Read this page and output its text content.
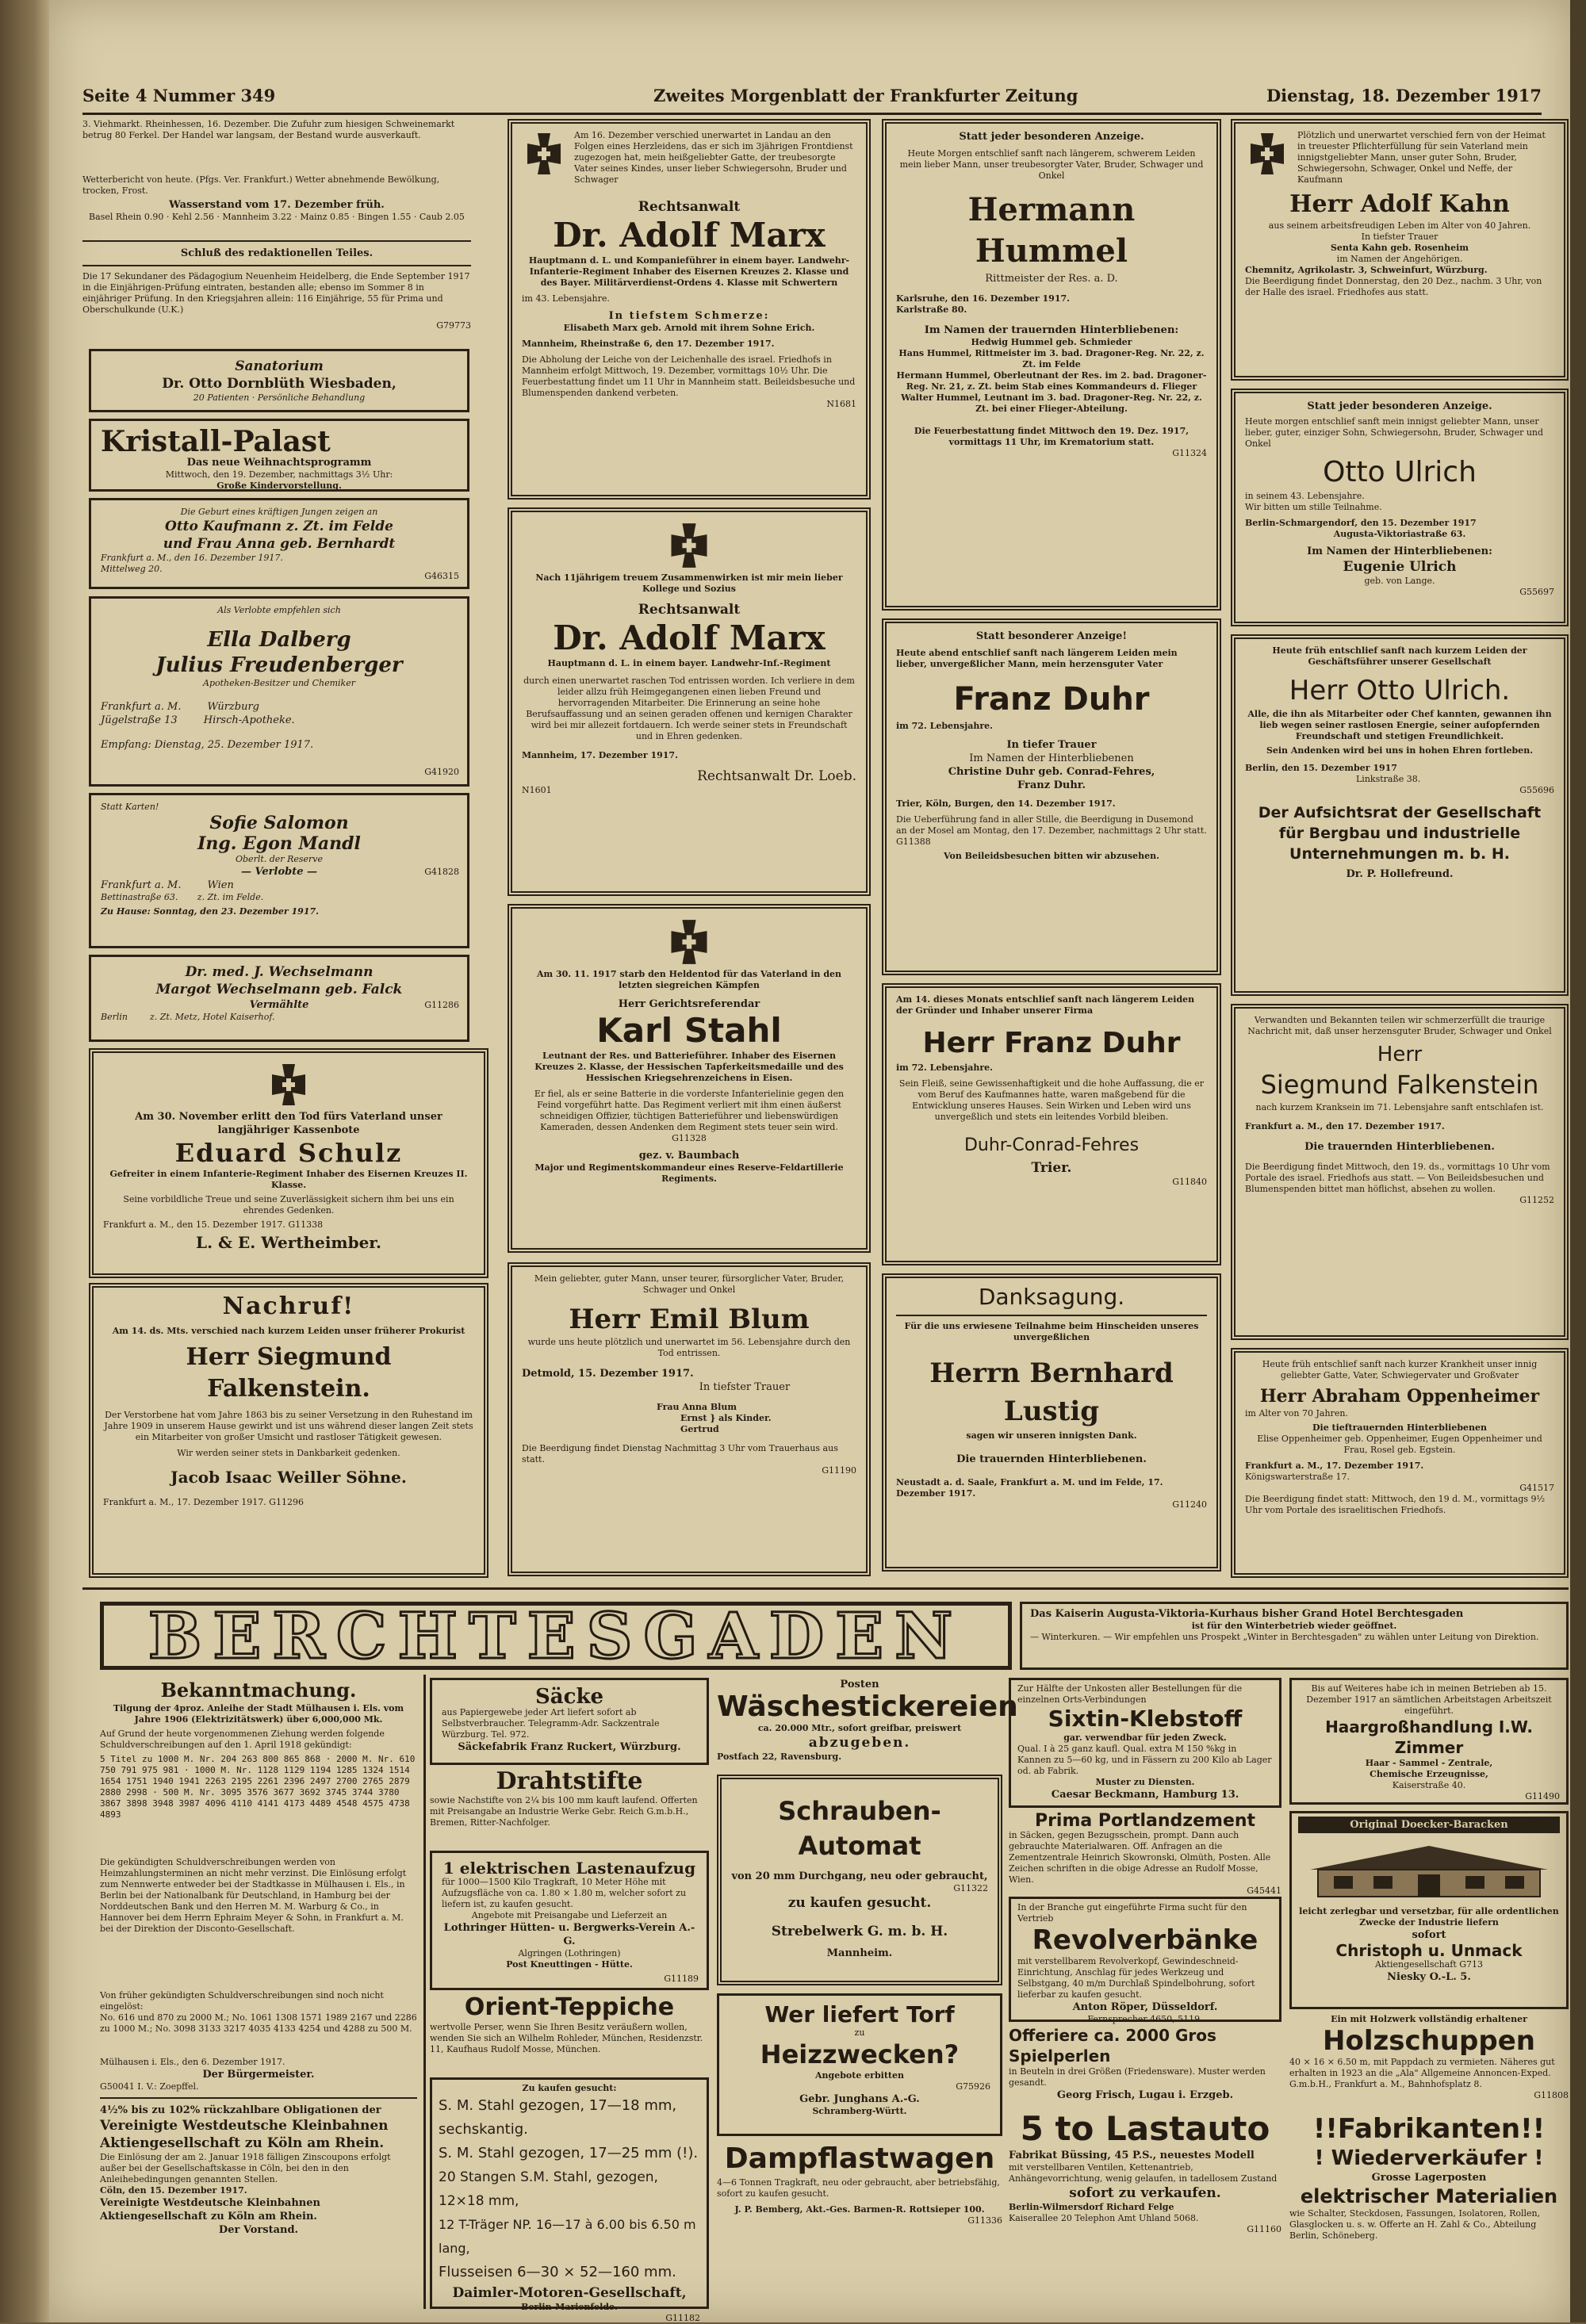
Seite 4 Nummer 349	Zweites Morgenblatt der Frankfurter Zeitung	Dienstag, 18. Dezember 1917
3. Viehmarkt. Rheinhessen, 16. Dezember. Die Zufuhr zum hiesigen Schweinemarkt betrug 80 Ferkel. Der Handel war langsam, der Bestand wurde ausverkauft.
Wetterbericht von heute. (Pfgs. Ver. Frankfurt.) Wetter abnehmende Bewölkung, trocken, Frost.
Wasserstand vom 17. Dezember früh.
Basel Rhein 0.90 · Kehl 2.56 · Mannheim 3.22 · Mainz 0.85 · Bingen 1.55 · Caub 2.05
Schluß des redaktionellen Teiles.
Die 17 Sekundaner des Pädagogium Neuenheim Heidelberg, die Ende September 1917 in die Einjährigen-Prüfung eintraten, bestanden alle; ebenso im Sommer 8 in einjähriger Prüfung. In den Kriegsjahren allein: 116 Einjährige, 55 für Prima und Oberschulkunde (U.K.)
G79773
Sanatorium
Dr. Otto Dornblüth Wiesbaden,
20 Patienten · Persönliche Behandlung
Kristall-Palast
Das neue Weihnachtsprogramm
Mittwoch, den 19. Dezember, nachmittags 3½ Uhr:
Große Kindervorstellung.
Die Geburt eines kräftigen Jungen zeigen an
Otto Kaufmann z. Zt. im Felde
und Frau Anna geb. Bernhardt
Frankfurt a. M., den 16. Dezember 1917.
Mittelweg 20.
G46315
Als Verlobte empfehlen sich
Ella Dalberg
Julius Freudenberger
Apotheken-Besitzer und Chemiker
Frankfurt a. M.        Würzburg
Jügelstraße 13        Hirsch-Apotheke.
Empfang: Dienstag, 25. Dezember 1917.
G41920
Statt Karten!
Sofie Salomon
Ing. Egon Mandl
Oberlt. der Reserve
— Verlobte —
Frankfurt a. M.        Wien
Bettinastraße 63.       z. Zt. im Felde.
Zu Hause: Sonntag, den 23. Dezember 1917.
G41828
Dr. med. J. Wechselmann
Margot Wechselmann geb. Falck
Vermählte
Berlin        z. Zt. Metz, Hotel Kaiserhof.
G11286
Am 30. November erlitt den Tod fürs Vaterland unser langjähriger Kassenbote
Eduard Schulz
Gefreiter in einem Infanterie-Regiment Inhaber des Eisernen Kreuzes II. Klasse.
Seine vorbildliche Treue und seine Zuverlässigkeit sichern ihm bei uns ein ehrendes Gedenken.
Frankfurt a. M., den 15. Dezember 1917. G11338
L. & E. Wertheimber.
Nachruf!
Am 14. ds. Mts. verschied nach kurzem Leiden unser früherer Prokurist
Herr Siegmund Falkenstein.
Der Verstorbene hat vom Jahre 1863 bis zu seiner Versetzung in den Ruhestand im Jahre 1909 in unserem Hause gewirkt und ist uns während dieser langen Zeit stets ein Mitarbeiter von großer Umsicht und rastloser Tätigkeit gewesen.
Wir werden seiner stets in Dankbarkeit gedenken.
Jacob Isaac Weiller Söhne.
Frankfurt a. M., 17. Dezember 1917. G11296
Am 16. Dezember verschied unerwartet in Landau an den Folgen eines Herzleidens, das er sich im 3jährigen Frontdienst zugezogen hat, mein heißgeliebter Gatte, der treubesorgte Vater seines Kindes, unser lieber Schwiegersohn, Bruder und Schwager
Rechtsanwalt
Dr. Adolf Marx
Hauptmann d. L. und Kompanieführer in einem bayer. Landwehr-Infanterie-Regiment Inhaber des Eisernen Kreuzes 2. Klasse und des Bayer. Militärverdienst-Ordens 4. Klasse mit Schwertern
im 43. Lebensjahre.
In tiefstem Schmerze:
Elisabeth Marx geb. Arnold mit ihrem Sohne Erich.
Mannheim, Rheinstraße 6, den 17. Dezember 1917.
Die Abholung der Leiche von der Leichenhalle des israel. Friedhofs in Mannheim erfolgt Mittwoch, 19. Dezember, vormittags 10½ Uhr. Die Feuerbestattung findet um 11 Uhr in Mannheim statt. Beileidsbesuche und Blumenspenden dankend verbeten.
N1681
Nach 11jährigem treuem Zusammenwirken ist mir mein lieber Kollege und Sozius
Rechtsanwalt
Dr. Adolf Marx
Hauptmann d. L. in einem bayer. Landwehr-Inf.-Regiment
durch einen unerwartet raschen Tod entrissen worden. Ich verliere in dem leider allzu früh Heimgegangenen einen lieben Freund und hervorragenden Mitarbeiter. Die Erinnerung an seine hohe Berufsauffassung und an seinen geraden offenen und kernigen Charakter wird bei mir allezeit fortdauern. Ich werde seiner stets in Freundschaft und in Ehren gedenken.
Mannheim, 17. Dezember 1917.
Rechtsanwalt Dr. Loeb.
N1601
Am 30. 11. 1917 starb den Heldentod für das Vaterland in den letzten siegreichen Kämpfen
Herr Gerichtsreferendar
Karl Stahl
Leutnant der Res. und Batterieführer. Inhaber des Eisernen Kreuzes 2. Klasse, der Hessischen Tapferkeitsmedaille und des Hessischen Kriegsehrenzeichens in Eisen.
Er fiel, als er seine Batterie in die vorderste Infanterielinie gegen den Feind vorgeführt hatte. Das Regiment verliert mit ihm einen äußerst schneidigen Offizier, tüchtigen Batterieführer und liebenswürdigen Kameraden, dessen Andenken dem Regiment stets teuer sein wird. G11328
gez. v. Baumbach
Major und Regimentskommandeur eines Reserve-Feldartillerie Regiments.
Mein geliebter, guter Mann, unser teurer, fürsorglicher Vater, Bruder, Schwager und Onkel
Herr Emil Blum
wurde uns heute plötzlich und unerwartet im 56. Lebensjahre durch den Tod entrissen.
Detmold, 15. Dezember 1917.
In tiefster Trauer
Frau Anna Blum
Ernst } als Kinder.
Gertrud
Die Beerdigung findet Dienstag Nachmittag 3 Uhr vom Trauerhaus aus statt.
G11190
Statt jeder besonderen Anzeige.
Heute Morgen entschlief sanft nach längerem, schwerem Leiden mein lieber Mann, unser treubesorgter Vater, Bruder, Schwager und Onkel
Hermann Hummel
Rittmeister der Res. a. D.
Karlsruhe, den 16. Dezember 1917.
Karlstraße 80.
Im Namen der trauernden Hinterbliebenen:
Hedwig Hummel geb. Schmieder
Hans Hummel, Rittmeister im 3. bad. Dragoner-Reg. Nr. 22, z. Zt. im Felde
Hermann Hummel, Oberleutnant der Res. im 2. bad. Dragoner-Reg. Nr. 21, z. Zt. beim Stab eines Kommandeurs d. Flieger
Walter Hummel, Leutnant im 3. bad. Dragoner-Reg. Nr. 22, z. Zt. bei einer Flieger-Abteilung.
Die Feuerbestattung findet Mittwoch den 19. Dez. 1917, vormittags 11 Uhr, im Krematorium statt.
G11324
Statt besonderer Anzeige!
Heute abend entschlief sanft nach längerem Leiden mein lieber, unvergeßlicher Mann, mein herzensguter Vater
Franz Duhr
im 72. Lebensjahre.
In tiefer Trauer
Im Namen der Hinterbliebenen
Christine Duhr geb. Conrad-Fehres,
Franz Duhr.
Trier, Köln, Burgen, den 14. Dezember 1917.
Die Ueberführung fand in aller Stille, die Beerdigung in Dusemond an der Mosel am Montag, den 17. Dezember, nachmittags 2 Uhr statt. G11388
Von Beileidsbesuchen bitten wir abzusehen.
Am 14. dieses Monats entschlief sanft nach längerem Leiden der Gründer und Inhaber unserer Firma
Herr Franz Duhr
im 72. Lebensjahre.
Sein Fleiß, seine Gewissenhaftigkeit und die hohe Auffassung, die er vom Beruf des Kaufmannes hatte, waren maßgebend für die Entwicklung unseres Hauses. Sein Wirken und Leben wird uns unvergeßlich und stets ein leitendes Vorbild bleiben.
Duhr-Conrad-Fehres
Trier.
G11840
Danksagung.
Für die uns erwiesene Teilnahme beim Hinscheiden unseres unvergeßlichen
Herrn Bernhard Lustig
sagen wir unseren innigsten Dank.
Die trauernden Hinterbliebenen.
Neustadt a. d. Saale, Frankfurt a. M. und im Felde, 17. Dezember 1917.
G11240
Plötzlich und unerwartet verschied fern von der Heimat in treuester Pflichterfüllung für sein Vaterland mein innigstgeliebter Mann, unser guter Sohn, Bruder, Schwiegersohn, Schwager, Onkel und Neffe, der Kaufmann
Herr Adolf Kahn
aus seinem arbeitsfreudigen Leben im Alter von 40 Jahren.
In tiefster Trauer
Senta Kahn geb. Rosenheim
im Namen der Angehörigen.
Chemnitz, Agrikolastr. 3, Schweinfurt, Würzburg.
Die Beerdigung findet Donnerstag, den 20 Dez., nachm. 3 Uhr, von der Halle des israel. Friedhofes aus statt.
Statt jeder besonderen Anzeige.
Heute morgen entschlief sanft mein innigst geliebter Mann, unser lieber, guter, einziger Sohn, Schwiegersohn, Bruder, Schwager und Onkel
Otto Ulrich
in seinem 43. Lebensjahre.
Wir bitten um stille Teilnahme.
Berlin-Schmargendorf, den 15. Dezember 1917
Augusta-Viktoriastraße 63.
Im Namen der Hinterbliebenen:
Eugenie Ulrich
geb. von Lange.
G55697
Heute früh entschlief sanft nach kurzem Leiden der Geschäftsführer unserer Gesellschaft
Herr Otto Ulrich.
Alle, die ihn als Mitarbeiter oder Chef kannten, gewannen ihn lieb wegen seiner rastlosen Energie, seiner aufopfernden Freundschaft und stetigen Freundlichkeit.
Sein Andenken wird bei uns in hohen Ehren fortleben.
Berlin, den 15. Dezember 1917
Linkstraße 38.
G55696
Der Aufsichtsrat der Gesellschaft für Bergbau und industrielle Unternehmungen m. b. H.
Dr. P. Hollefreund.
Verwandten und Bekannten teilen wir schmerzerfüllt die traurige Nachricht mit, daß unser herzensguter Bruder, Schwager und Onkel
Herr
Siegmund Falkenstein
nach kurzem Kranksein im 71. Lebensjahre sanft entschlafen ist.
Frankfurt a. M., den 17. Dezember 1917.
Die trauernden Hinterbliebenen.
Die Beerdigung findet Mittwoch, den 19. ds., vormittags 10 Uhr vom Portale des israel. Friedhofs aus statt. — Von Beileidsbesuchen und Blumenspenden bittet man höflichst, absehen zu wollen.
G11252
Heute früh entschlief sanft nach kurzer Krankheit unser innig geliebter Gatte, Vater, Schwiegervater und Großvater
Herr Abraham Oppenheimer
im Alter von 70 Jahren.
Die tieftrauernden Hinterbliebenen
Elise Oppenheimer geb. Oppenheimer, Eugen Oppenheimer und Frau, Rosel geb. Egstein.
Frankfurt a. M., 17. Dezember 1917.
Königswarterstraße 17.
G41517
Die Beerdigung findet statt: Mittwoch, den 19 d. M., vormittags 9½ Uhr vom Portale des israelitischen Friedhofs.
BERCHTESGADEN	Das Kaiserin Augusta-Viktoria-Kurhaus bisher Grand Hotel Berchtesgaden
ist für den Winterbetrieb wieder geöffnet.
— Winterkuren. — Wir empfehlen uns Prospekt „Winter in Berchtesgaden" zu wählen unter Leitung von Direktion.
Bekanntmachung.
Tilgung der 4proz. Anleihe der Stadt Mülhausen i. Els. vom Jahre 1906 (Elektrizitätswerk) über 6,000,000 Mk.
Auf Grund der heute vorgenommenen Ziehung werden folgende Schuldverschreibungen auf den 1. April 1918 gekündigt:
5 Titel zu 1000 M. Nr. 204 263 800 865 868 · 2000 M. Nr. 610 750 791 975 981 · 1000 M. Nr. 1128 1129 1194 1285 1324 1514 1654 1751 1940 1941 2263 2195 2261 2396 2497 2700 2765 2879 2880 2998 · 500 M. Nr. 3095 3576 3677 3692 3745 3744 3780 3867 3898 3948 3987 4096 4110 4141 4173 4489 4548 4575 4738 4893
Die gekündigten Schuldverschreibungen werden von Heimzahlungsterminen an nicht mehr verzinst. Die Einlösung erfolgt zum Nennwerte entweder bei der Stadtkasse in Mülhausen i. Els., in Berlin bei der Nationalbank für Deutschland, in Hamburg bei der Norddeutschen Bank und den Herren M. M. Warburg & Co., in Hannover bei dem Herrn Ephraim Meyer & Sohn, in Frankfurt a. M. bei der Direktion der Disconto-Gesellschaft.
Von früher gekündigten Schuldverschreibungen sind noch nicht eingelöst:
No. 616 und 870 zu 2000 M.; No. 1061 1308 1571 1989 2167 und 2286 zu 1000 M.; No. 3098 3133 3217 4035 4133 4254 und 4288 zu 500 M.
Mülhausen i. Els., den 6. Dezember 1917.
Der Bürgermeister.
G50041 I. V.: Zoepffel.
4½% bis zu 102% rückzahlbare Obligationen der
Vereinigte Westdeutsche Kleinbahnen Aktiengesellschaft zu Köln am Rhein.
Die Einlösung der am 2. Januar 1918 fälligen Zinscoupons erfolgt außer bei der Gesellschaftskasse in Cöln, bei den in den Anleihebedingungen genannten Stellen.
Cöln, den 15. Dezember 1917.
Vereinigte Westdeutsche Kleinbahnen Aktiengesellschaft zu Köln am Rhein.
Der Vorstand.
Säcke
aus Papiergewebe jeder Art liefert sofort ab Selbstverbraucher. Telegramm-Adr. Sackzentrale Würzburg. Tel. 972.
Säckefabrik Franz Ruckert, Würzburg.
Drahtstifte
sowie Nachstifte von 2¼ bis 100 mm kauft laufend. Offerten mit Preisangabe an Industrie Werke Gebr. Reich G.m.b.H., Bremen, Ritter-Nachfolger.
1 elektrischen Lastenaufzug
für 1000—1500 Kilo Tragkraft, 10 Meter Höhe mit Aufzugsfläche von ca. 1.80 × 1.80 m, welcher sofort zu liefern ist, zu kaufen gesucht.
Angebote mit Preisangabe und Lieferzeit an
Lothringer Hütten- u. Bergwerks-Verein A.-G.
Algringen (Lothringen)
Post Kneuttingen - Hütte.
G11189
Orient-Teppiche
wertvolle Perser, wenn Sie Ihren Besitz veräußern wollen, wenden Sie sich an Wilhelm Rohleder, München, Residenzstr. 11, Kaufhaus Rudolf Mosse, München.
Zu kaufen gesucht:
S. M. Stahl gezogen, 17—18 mm, sechskantig.
S. M. Stahl gezogen, 17—25 mm (!).
20 Stangen S.M. Stahl, gezogen, 12×18 mm,
12 T-Träger NP. 16—17 à 6.00 bis 6.50 m lang,
Flusseisen 6—30 × 52—160 mm.
Daimler-Motoren-Gesellschaft,
Berlin-Marienfelde.
G11182
Posten
Wäschestickereien
ca. 20.000 Mtr., sofort greifbar, preiswert
abzugeben.
Postfach 22, Ravensburg.
Schrauben-Automat
von 20 mm Durchgang, neu oder gebraucht,
G11322
zu kaufen gesucht.
Strebelwerk G. m. b. H.
Mannheim.
Wer liefert Torf
zu
Heizzwecken?
Angebote erbitten
G75926
Gebr. Junghans A.-G.
Schramberg-Württ.
Dampflastwagen
4—6 Tonnen Tragkraft, neu oder gebraucht, aber betriebsfähig, sofort zu kaufen gesucht.
J. P. Bemberg, Akt.-Ges. Barmen-R. Rottsieper 100.
G11336
Zur Hälfte der Unkosten aller Bestellungen für die einzelnen Orts-Verbindungen
Sixtin-Klebstoff
gar. verwendbar für jeden Zweck.
Qual. I à 25 ganz kaufl. Qual. extra M 150 %kg in Kannen zu 5—60 kg, und in Fässern zu 200 Kilo ab Lager od. ab Fabrik.
Muster zu Diensten.
Caesar Beckmann, Hamburg 13.
Prima Portlandzement
in Säcken, gegen Bezugsschein, prompt. Dann auch gebrauchte Materialwaren. Off. Anfragen an die Zementzentrale Heinrich Skowronski, Olmüth, Posten. Alle Zeichen schriften in die obige Adresse an Rudolf Mosse, Wien.
G45441
In der Branche gut eingeführte Firma sucht für den Vertrieb
Revolverbänke
mit verstellbarem Revolverkopf, Gewindeschneid-Einrichtung, Anschlag für jedes Werkzeug und Selbstgang, 40 m/m Durchlaß Spindelbohrung, sofort lieferbar zu kaufen gesucht.
Anton Röper, Düsseldorf.
Fernsprecher 4650, 5119.
Offeriere ca. 2000 Gros Spielperlen
in Beuteln in drei Größen (Friedensware). Muster werden gesandt.
Georg Frisch, Lugau i. Erzgeb.
5 to Lastauto
Fabrikat Büssing, 45 P.S., neuestes Modell
mit verstellbaren Ventilen, Kettenantrieb, Anhängevorrichtung, wenig gelaufen, in tadellosem Zustand
sofort zu verkaufen.
Berlin-Wilmersdorf Richard Felge
Kaiserallee 20 Telephon Amt Uhland 5068.
G11160
Bis auf Weiteres habe ich in meinen Betrieben ab 15. Dezember 1917 an sämtlichen Arbeitstagen Arbeitszeit eingeführt.
Haargroßhandlung I.W. Zimmer
Haar - Sammel - Zentrale,
Chemische Erzeugnisse,
Kaiserstraße 40.
G11490
Original Doecker-Baracken
leicht zerlegbar und versetzbar, für alle ordentlichen Zwecke der Industrie liefern
sofort
Christoph u. Unmack
Aktiengesellschaft G713
Niesky O.-L. 5.
Ein mit Holzwerk vollständig erhaltener
Holzschuppen
40 × 16 × 6.50 m, mit Pappdach zu vermieten. Näheres gut erhalten in 1923 an die „Ala" Allgemeine Annoncen-Exped. G.m.b.H., Frankfurt a. M., Bahnhofsplatz 8.
G11808
!!Fabrikanten!!
! Wiederverkäufer !
Grosse Lagerposten
elektrischer Materialien
wie Schalter, Steckdosen, Fassungen, Isolatoren, Rollen, Glasglocken u. s. w. Offerte an H. Zahl & Co., Abteilung Berlin, Schöneberg.
